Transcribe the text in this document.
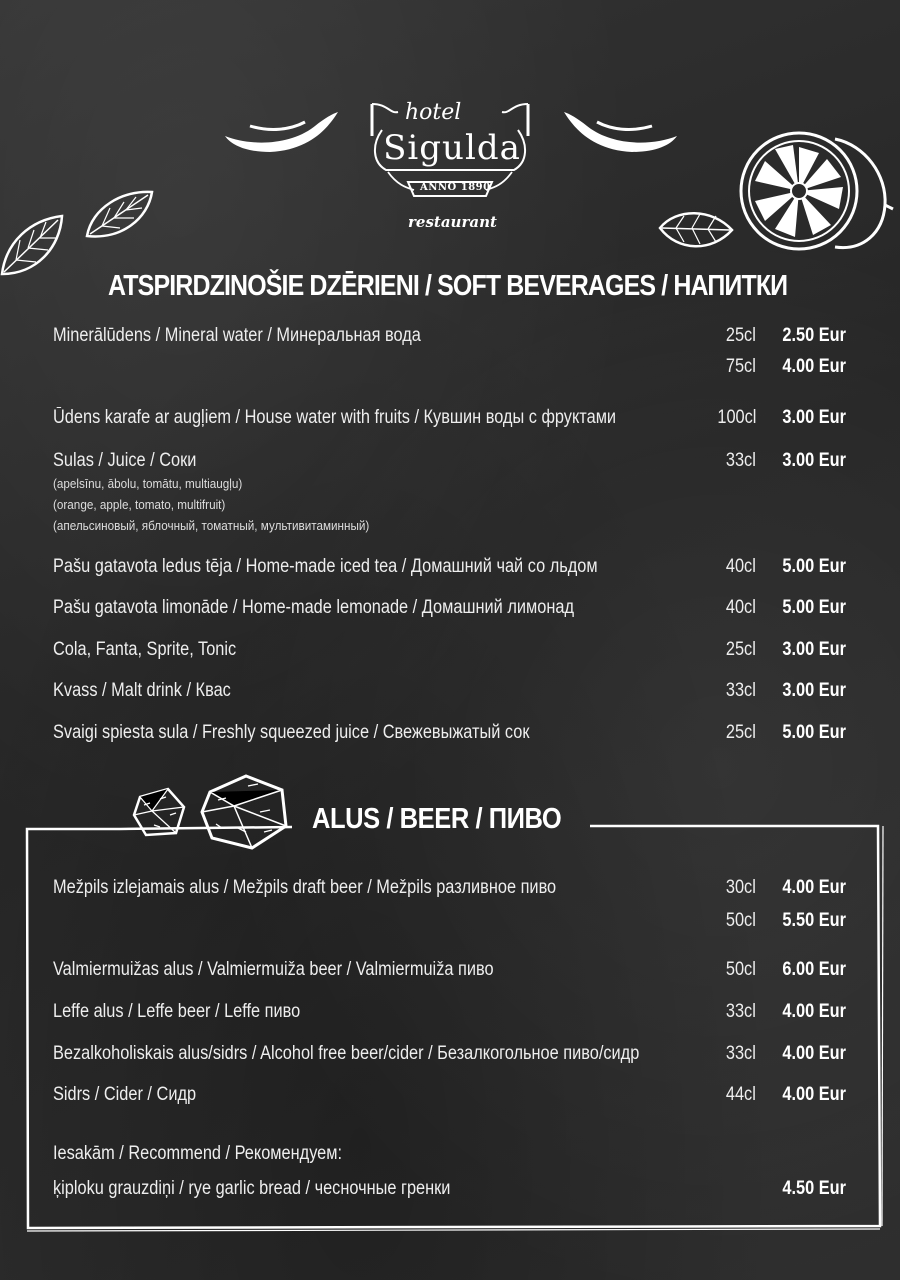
hotel
Sigulda
ANNO 1890
restaurant
ATSPIRDZINOŠIE DZĒRIENI / SOFT BEVERAGES / НАПИТКИ
Minerālūdens / Mineral water / Минеральная вода	25cl 2.50 Eur
75cl 4.00 Eur
Ūdens karafe ar augļiem / House water with fruits / Кувшин воды с фруктами	100cl 3.00 Eur
Sulas / Juice / Соки	33cl 3.00 Eur
(apelsīnu, ābolu, tomātu, multiaugļu)
(orange, apple, tomato, multifruit)
(апельсиновый, яблочный, томатный, мультивитаминный)
Pašu gatavota ledus tēja / Home-made iced tea / Домашний чай со льдом	40cl 5.00 Eur
Pašu gatavota limonāde / Home-made lemonade / Домашний лимонад	40cl 5.00 Eur
Cola, Fanta, Sprite, Tonic	25cl 3.00 Eur
Kvass / Malt drink / Квас	33cl 3.00 Eur
Svaigi spiesta sula / Freshly squeezed juice / Свежевыжатый сок	25cl 5.00 Eur
ALUS / BEER / ПИВО
Mežpils izlejamais alus / Mežpils draft beer / Mežpils разливное пиво	30cl 4.00 Eur
50cl 5.50 Eur
Valmiermuižas alus / Valmiermuiža beer / Valmiermuiža пиво	50cl 6.00 Eur
Leffe alus / Leffe beer / Leffe пиво	33cl 4.00 Eur
Bezalkoholiskais alus/sidrs / Alcohol free beer/cider / Безалкогольное пиво/сидр	33cl 4.00 Eur
Sidrs / Cider / Сидр	44cl 4.00 Eur
Iesakām / Recommend / Рекомендуем:
ķiploku grauzdiņi / rye garlic bread / чесночные гренки	4.50 Eur
